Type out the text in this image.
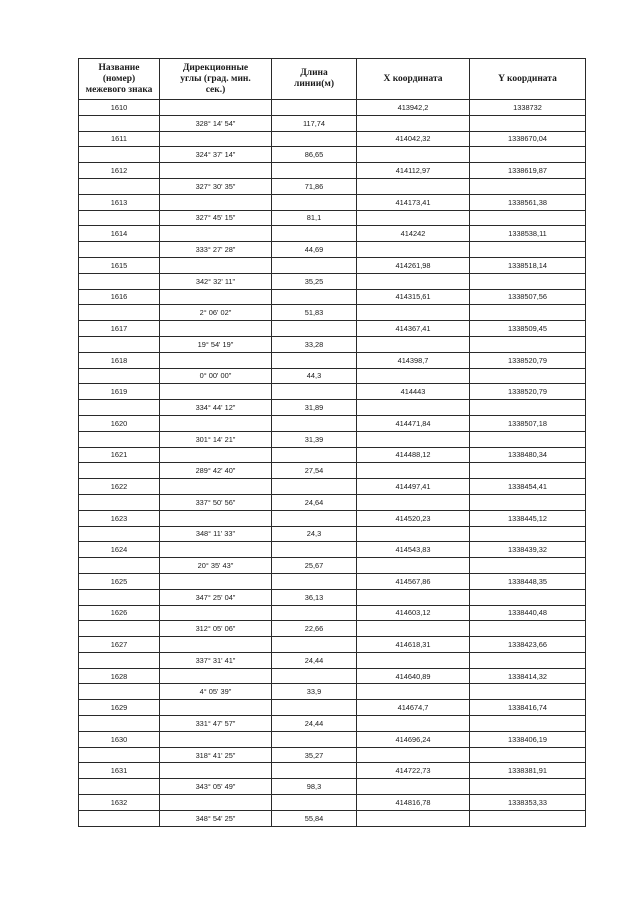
Название
(номер)
межевого знака	Дирекционные
углы (град. мин.
сек.)	Длина
линии(м)	X координата	Y координата
1610			413942,2	1338732
	328° 14' 54"	117,74		
1611			414042,32	1338670,04
	324° 37' 14"	86,65		
1612			414112,97	1338619,87
	327° 30' 35"	71,86		
1613			414173,41	1338561,38
	327° 45' 15"	81,1		
1614			414242	1338538,11
	333° 27' 28"	44,69		
1615			414261,98	1338518,14
	342° 32' 11"	35,25		
1616			414315,61	1338507,56
	2° 06' 02"	51,83		
1617			414367,41	1338509,45
	19° 54' 19"	33,28		
1618			414398,7	1338520,79
	0° 00' 00"	44,3		
1619			414443	1338520,79
	334° 44' 12"	31,89		
1620			414471,84	1338507,18
	301° 14' 21"	31,39		
1621			414488,12	1338480,34
	289° 42' 40"	27,54		
1622			414497,41	1338454,41
	337° 50' 56"	24,64		
1623			414520,23	1338445,12
	348° 11' 33"	24,3		
1624			414543,83	1338439,32
	20° 35' 43"	25,67		
1625			414567,86	1338448,35
	347° 25' 04"	36,13		
1626			414603,12	1338440,48
	312° 05' 06"	22,66		
1627			414618,31	1338423,66
	337° 31' 41"	24,44		
1628			414640,89	1338414,32
	4° 05' 39"	33,9		
1629			414674,7	1338416,74
	331° 47' 57"	24,44		
1630			414696,24	1338406,19
	318° 41' 25"	35,27		
1631			414722,73	1338381,91
	343° 05' 49"	98,3		
1632			414816,78	1338353,33
	348° 54' 25"	55,84		
